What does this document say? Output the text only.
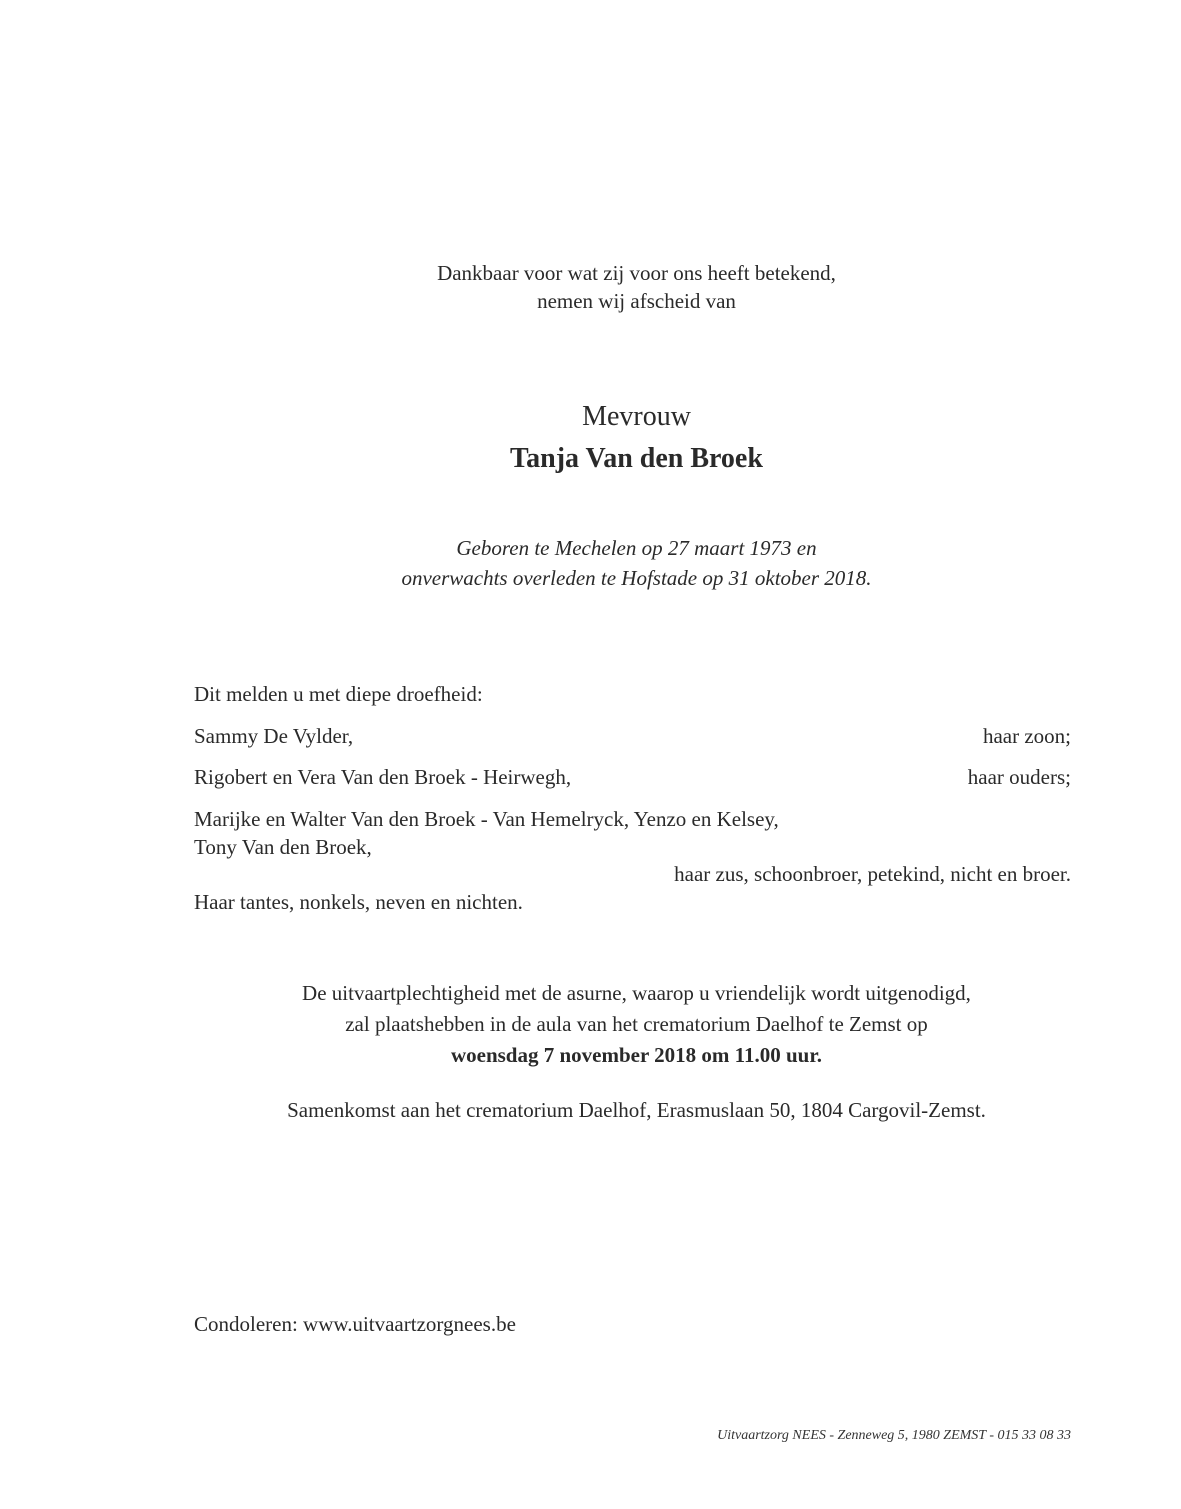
Dankbaar voor wat zij voor ons heeft betekend,
nemen wij afscheid van
Mevrouw
Tanja Van den Broek
Geboren te Mechelen op 27 maart 1973 en
onverwachts overleden te Hofstade op 31 oktober 2018.
Dit melden u met diepe droefheid:
Sammy De Vylder,	haar zoon;
Rigobert en Vera Van den Broek - Heirwegh,	haar ouders;
Marijke en Walter Van den Broek - Van Hemelryck, Yenzo en Kelsey,
Tony Van den Broek,
haar zus, schoonbroer, petekind, nicht en broer.
Haar tantes, nonkels, neven en nichten.
De uitvaartplechtigheid met de asurne, waarop u vriendelijk wordt uitgenodigd,
zal plaatshebben in de aula van het crematorium Daelhof te Zemst op
woensdag 7 november 2018 om 11.00 uur.
Samenkomst aan het crematorium Daelhof, Erasmuslaan 50, 1804 Cargovil-Zemst.
Condoleren: www.uitvaartzorgnees.be
Uitvaartzorg NEES - Zenneweg 5, 1980 ZEMST - 015 33 08 33
